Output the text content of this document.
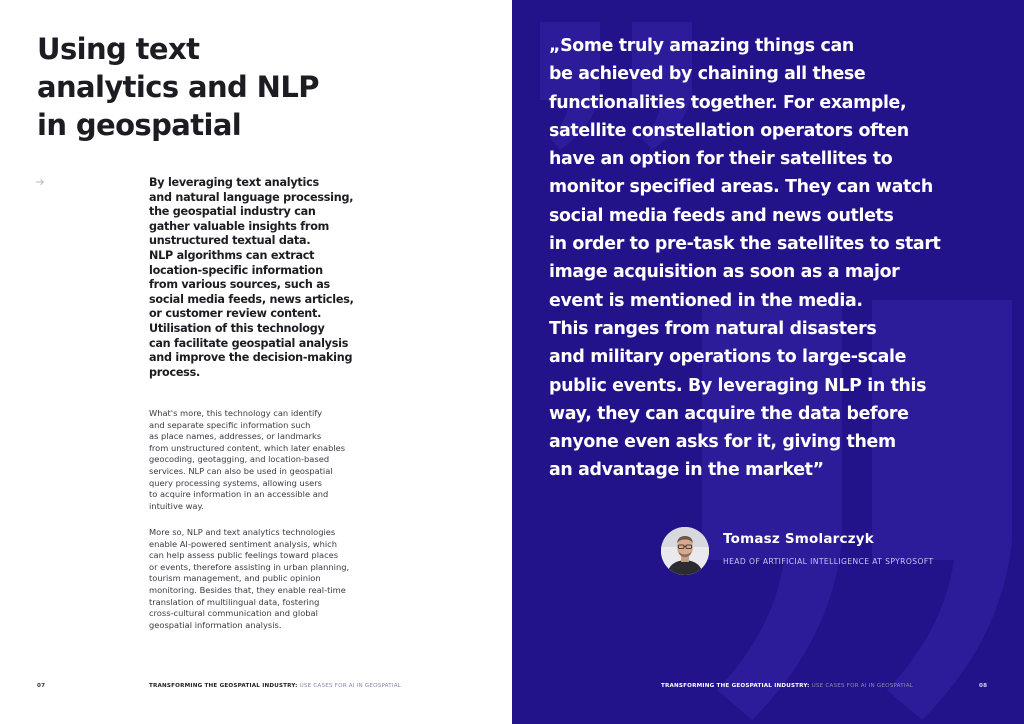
Using text
analytics and NLP
in geospatial
By leveraging text analytics
and natural language processing,
the geospatial industry can
gather valuable insights from
unstructured textual data.
NLP algorithms can extract
location-specific information
from various sources, such as
social media feeds, news articles,
or customer review content.
Utilisation of this technology
can facilitate geospatial analysis
and improve the decision-making
process.
What's more, this technology can identify
and separate specific information such
as place names, addresses, or landmarks
from unstructured content, which later enables
geocoding, geotagging, and location-based
services. NLP can also be used in geospatial
query processing systems, allowing users
to acquire information in an accessible and
intuitive way.
More so, NLP and text analytics technologies
enable AI-powered sentiment analysis, which
can help assess public feelings toward places
or events, therefore assisting in urban planning,
tourism management, and public opinion
monitoring. Besides that, they enable real-time
translation of multilingual data, fostering
cross-cultural communication and global
geospatial information analysis.
07	TRANSFORMING THE GEOSPATIAL INDUSTRY: USE CASES FOR AI IN GEOSPATIAL
„Some truly amazing things can
be achieved by chaining all these
functionalities together. For example,
satellite constellation operators often
have an option for their satellites to
monitor specified areas. They can watch
social media feeds and news outlets
in order to pre-task the satellites to start
image acquisition as soon as a major
event is mentioned in the media.
This ranges from natural disasters
and military operations to large-scale
public events. By leveraging NLP in this
way, they can acquire the data before
anyone even asks for it, giving them
an advantage in the market”
Tomasz Smolarczyk
HEAD OF ARTIFICIAL INTELLIGENCE AT SPYROSOFT
TRANSFORMING THE GEOSPATIAL INDUSTRY: USE CASES FOR AI IN GEOSPATIAL	08
